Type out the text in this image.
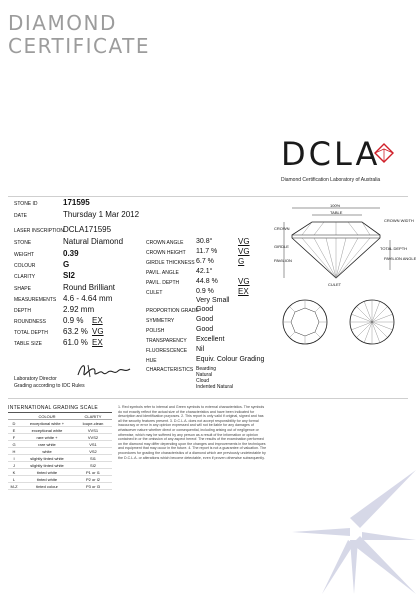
DIAMOND
CERTIFICATE
DCLA
Diamond Certification Laboratory of Australia
STONE ID	171595
DATE	Thursday 1 Mar 2012
LASER INSCRIPTION
DCLA171595
STONE	Natural Diamond
WEIGHT	0.39
COLOUR	G
CLARITY	SI2
SHAPE	Round Brilliant
MEASUREMENTS 4.6 - 4.64 mm
DEPTH	2.92 mm
ROUNDNESS 0.9 % EX
TOTAL DEPTH 63.2 % VG
TABLE SIZE	61.0 % EX
CROWN ANGLE 30.8°	VG
CROWN HEIGHT 11.7 %	VG
GIRDLE THICKNESS 6.7 %	G
PAVIL. ANGLE 42.1°
PAVIL. DEPTH 44.8 %	VG
CULET	0.9 %	EX
Very Small
PROPORTION GRADE
Good
SYMMETRY	Good
POLISH	Good
TRANSPARENCY Excellent
FLUORESCENCE Nil
HUE	Equiv. Colour Grading
CHARACTERISTICS Bearding
Natural
Cloud
Indented Natural
Laboratory Director
Grading according to IDC Rules
100%
TABLE
CROWN WIDTH
CROWN
GIRDLE
PAVILION
TOTAL DEPTH
PAVILION ANGLE
CULET
INTERNATIONAL GRADING SCALE
COLOUR	CLARITY
D	exceptional white +	loupe-clean
E	exceptional white	VVS1
F	rare white +	VVS2
G	rare white	VS1
H	white	VS2
I	slightly tinted white	SI1
J	slightly tinted white	SI2
K	tinted white	P1 or I1
L	tinted white	P2 or I2
M-Z	tinted colour	P3 or I3
1. Red symbols refer to internal and Green symbols to external characteristics. The symbols do not exactly reflect the actual size of the characteristics and have been indicated for description and identification purposes. 2. This report is only valid if original, signed and has all the security features present. 3. D.C.L.A. does not accept responsibility for any formal inaccuracy or error in any opinion expressed and will not be liable for any damages of whatsoever nature whether direct or consequential, including arising out of negligence or otherwise, which may be suffered by any person as a result of the information or opinion contained in or the omission of any aspect hereof. The results of the examination performed on the diamond may differ depending upon the changes and improvements in the techniques and equipment that may occur in the future. 4. The report is not a guarantee of valuation. The procedures for grading the characteristics of a diamond which are previously undetectable by the D.C.L.A. or alterations which become detectable, even if proven otherwise subsequently.
